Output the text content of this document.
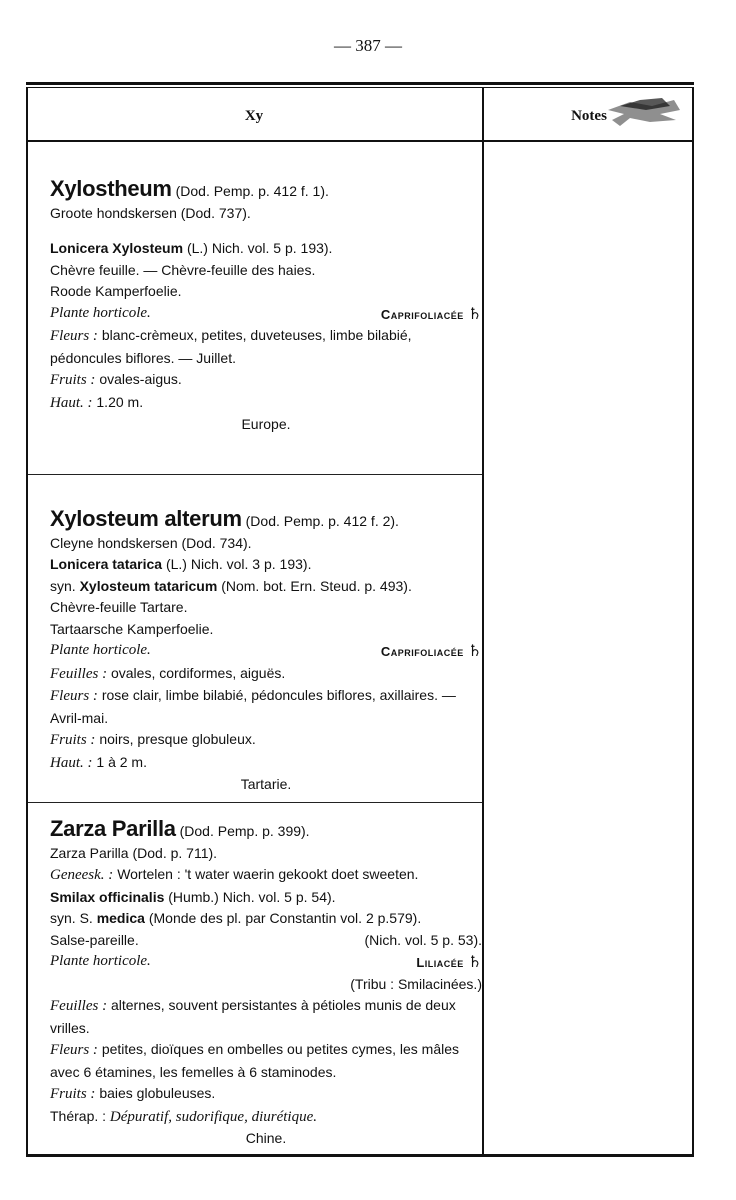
— 387 —
Xy	Notes
Xylostheum (Dod. Pemp. p. 412 f. 1).
Groote hondskersen (Dod. 737).
Lonicera Xylosteum (L.) Nich. vol. 5 p. 193).
Chèvre feuille. — Chèvre-feuille des haies.
Roode Kamperfoelie.
Plante horticole.	Caprifoliacée ♄
Fleurs : blanc-crèmeux, petites, duveteuses, limbe bilabié, pédoncules biflores. — Juillet.
Fruits : ovales-aigus.
Haut. : 1.20 m.
Europe.
Xylosteum alterum (Dod. Pemp. p. 412 f. 2).
Cleyne hondskersen (Dod. 734).
Lonicera tatarica (L.) Nich. vol. 3 p. 193).
syn. Xylosteum tataricum (Nom. bot. Ern. Steud. p. 493).
Chèvre-feuille Tartare.
Tartaarsche Kamperfoelie.
Plante horticole.	Caprifoliacée ♄
Feuilles : ovales, cordiformes, aiguës.
Fleurs : rose clair, limbe bilabié, pédoncules biflores, axillaires. — Avril-mai.
Fruits : noirs, presque globuleux.
Haut. : 1 à 2 m.
Tartarie.
Zarza Parilla (Dod. Pemp. p. 399).
Zarza Parilla (Dod. p. 711).
Geneesk. : Wortelen : 't water waerin gekookt doet sweeten.
Smilax officinalis (Humb.) Nich. vol. 5 p. 54).
syn. S. medica (Monde des pl. par Constantin vol. 2 p.579).
Salse-pareille.	(Nich. vol. 5 p. 53).
Plante horticole.	Liliacée ♄
(Tribu : Smilacinées.)
Feuilles : alternes, souvent persistantes à pétioles munis de deux vrilles.
Fleurs : petites, dioïques en ombelles ou petites cymes, les mâles avec 6 étamines, les femelles à 6 staminodes.
Fruits : baies globuleuses.
Thérap. : Dépuratif, sudorifique, diurétique.
Chine.
